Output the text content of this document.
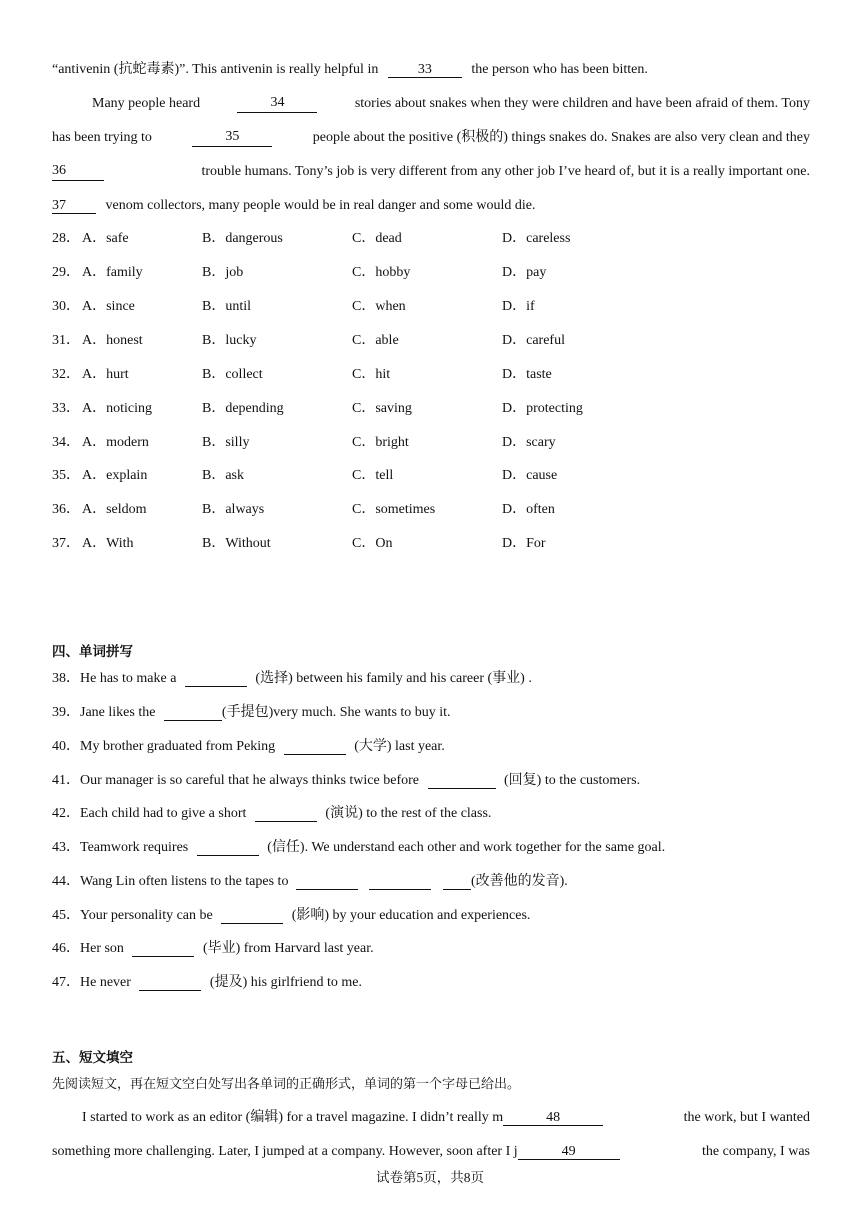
“antivenin (抗蛇毒素)”. This antivenin is really helpful in	33	the person who has been bitten.
Many people heard	34	stories about snakes when they were children and have been afraid of them. Tony
has been trying to	35	people about the positive (积极的) things snakes do. Snakes are also very clean and they
36	trouble humans. Tony’s job is very different from any other job I’ve heard of, but it is a really important one.
37	venom collectors, many people would be in real danger and some would die.
28． A．safe	B．dangerous	C．dead	D．careless
29． A．family	B．job	C．hobby	D．pay
30． A．since	B．until	C．when	D．if
31． A．honest	B．lucky	C．able	D．careful
32． A．hurt	B．collect	C．hit	D．taste
33． A．noticing	B．depending	C．saving	D．protecting
34． A．modern	B．silly	C．bright	D．scary
35． A．explain	B．ask	C．tell	D．cause
36． A．seldom	B．always	C．sometimes	D．often
37． A．With	B．Without	C．On	D．For
四、单词拼写
38．He has to make a	(选择) between his family and his career (事业) .
39．Jane likes the	(手提包)very much. She wants to buy it.
40．My brother graduated from Peking	(大学) last year.
41．Our manager is so careful that he always thinks twice before	(回复) to the customers.
42．Each child had to give a short	(演说) to the rest of the class.
43．Teamwork requires	(信任). We understand each other and work together for the same goal.
44．Wang Lin often listens to the tapes to	(改善他的发音).
45．Your personality can be	(影响) by your education and experiences.
46．Her son	(毕业) from Harvard last year.
47．He never	(提及) his girlfriend to me.
五、短文填空
先阅读短文，再在短文空白处写出各单词的正确形式，单词的第一个字母已给出。
I started to work as an editor (编辑) for a travel magazine. I didn’t really m	48	the work, but I wanted
something more challenging. Later, I jumped at a company. However, soon after I j	49	the company, I was
试卷第5页，共8页
